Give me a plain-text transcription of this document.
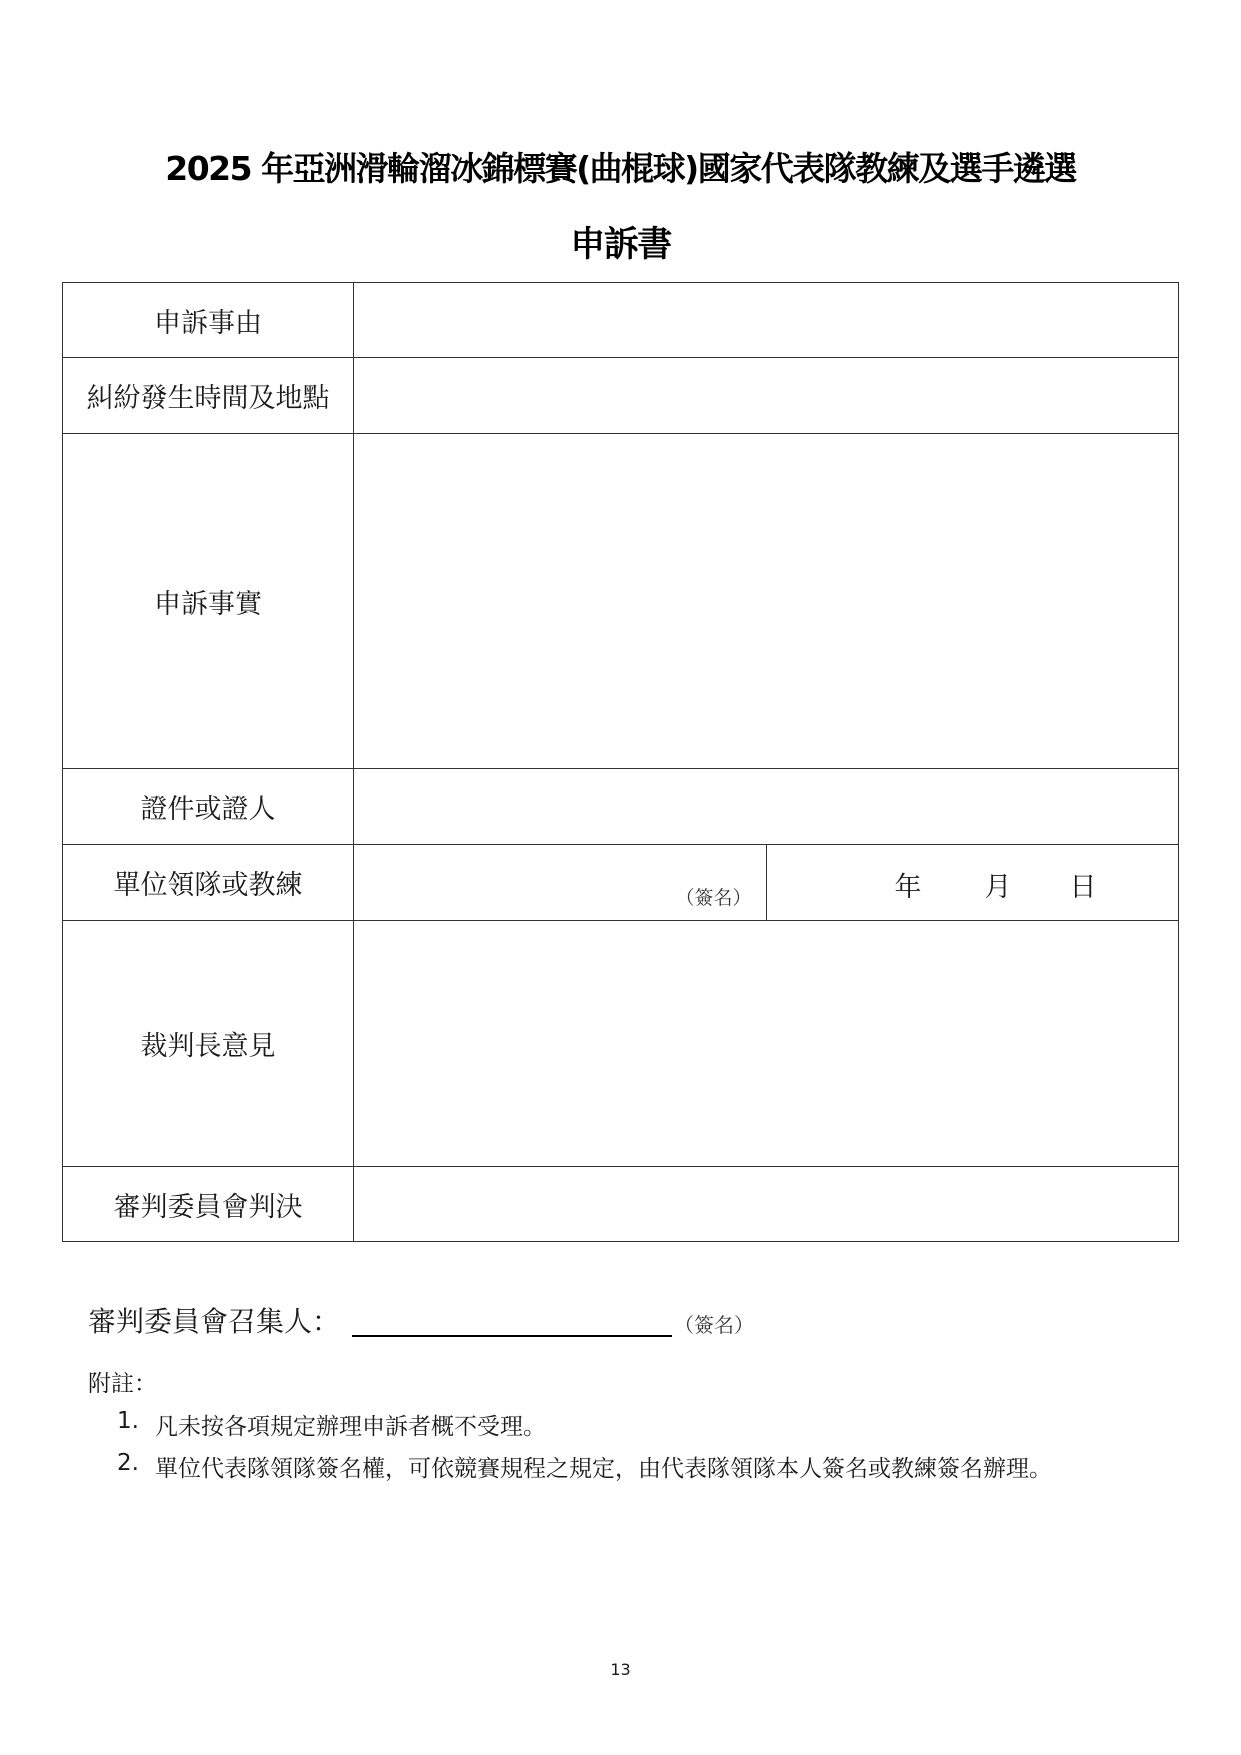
2025 年亞洲滑輪溜冰錦標賽(曲棍球)國家代表隊教練及選手遴選
申訴書
申訴事由		
糾紛發生時間及地點		
申訴事實		
證件或證人		
單位領隊或教練	（簽名）	年 月 日

裁判長意見		
審判委員會判決		
審判委員會召集人：	（簽名）
附註：
1. 凡未按各項規定辦理申訴者概不受理。
2. 單位代表隊領隊簽名權，可依競賽規程之規定，由代表隊領隊本人簽名或教練簽名辦理。
13
